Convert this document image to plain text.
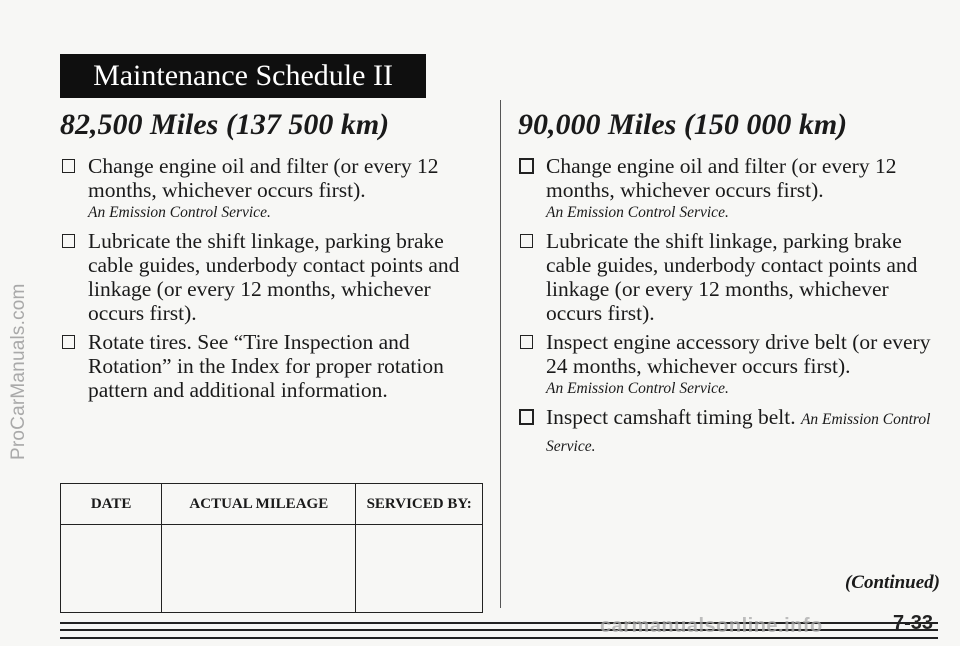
ProCarManuals.com
Maintenance Schedule II
82,500 Miles (137 500 km)
Change engine oil and filter (or every 12 months, whichever occurs first).
An Emission Control Service.
Lubricate the shift linkage, parking brake cable guides, underbody contact points and linkage (or every 12 months, whichever occurs first).
Rotate tires. See “Tire Inspection and Rotation” in the Index for proper rotation pattern and additional information.
90,000 Miles (150 000 km)
Change engine oil and filter (or every 12 months, whichever occurs first).
An Emission Control Service.
Lubricate the shift linkage, parking brake cable guides, underbody contact points and linkage (or every 12 months, whichever occurs first).
Inspect engine accessory drive belt (or every 24 months, whichever occurs first).
An Emission Control Service.
Inspect camshaft timing belt. An Emission Control Service.
DATE	ACTUAL MILEAGE	SERVICED BY:

(Continued)
carmanualsonline.info	7-33
